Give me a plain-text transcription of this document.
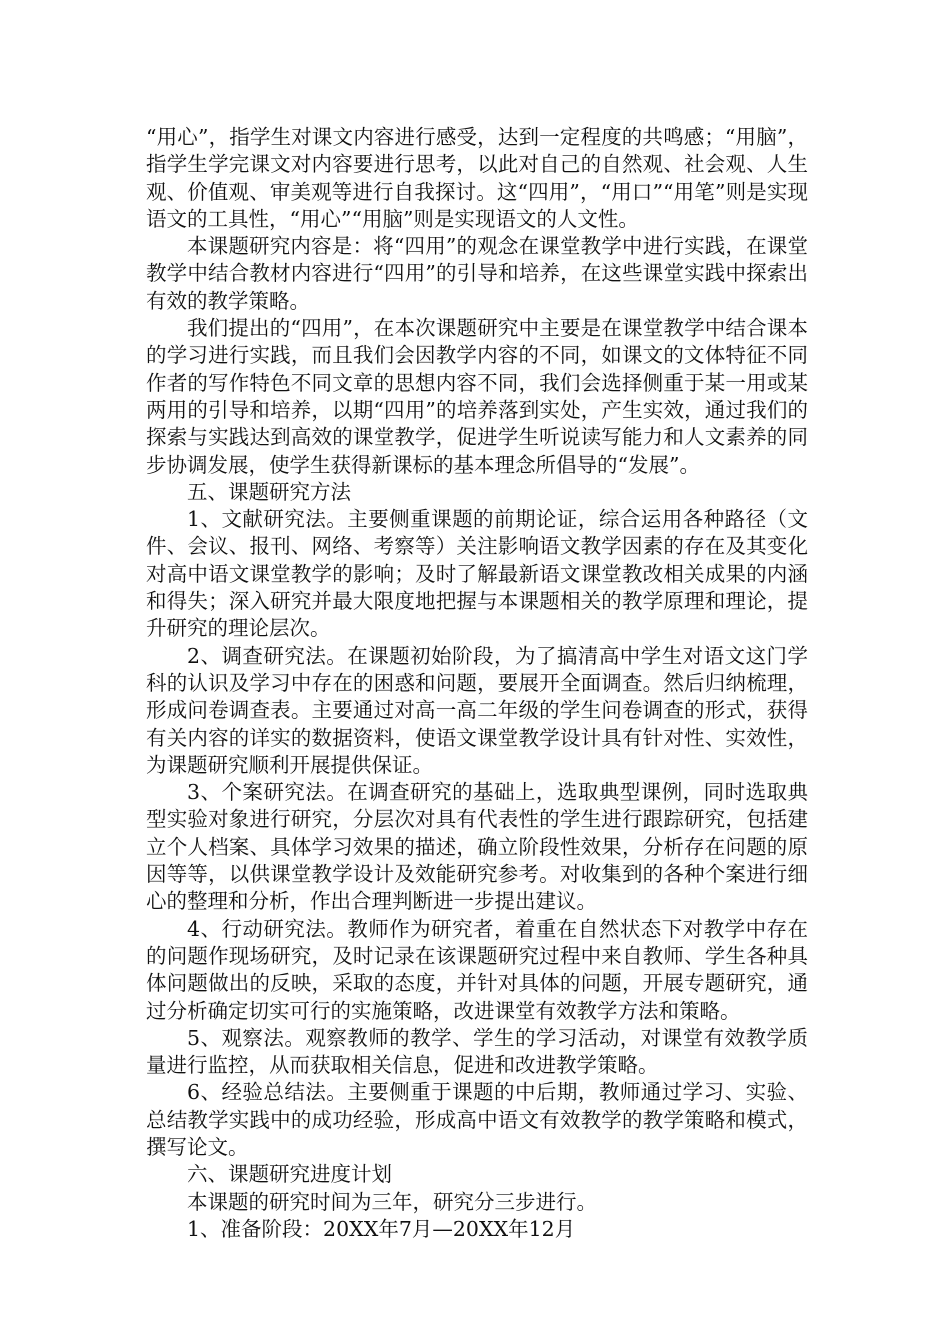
“用心”，指学生对课文内容进行感受，达到一定程度的共鸣感；“用脑”，指学生学完课文对内容要进行思考，以此对自己的自然观、社会观、人生观、价值观、审美观等进行自我探讨。这“四用”，“用口”“用笔”则是实现语文的工具性，“用心”“用脑”则是实现语文的人文性。

本课题研究内容是：将“四用”的观念在课堂教学中进行实践，在课堂教学中结合教材内容进行“四用”的引导和培养，在这些课堂实践中探索出有效的教学策略。

我们提出的“四用”，在本次课题研究中主要是在课堂教学中结合课本的学习进行实践，而且我们会因教学内容的不同，如课文的文体特征不同作者的写作特色不同文章的思想内容不同，我们会选择侧重于某一用或某两用的引导和培养，以期“四用”的培养落到实处，产生实效，通过我们的探索与实践达到高效的课堂教学，促进学生听说读写能力和人文素养的同步协调发展，使学生获得新课标的基本理念所倡导的“发展”。

五、课题研究方法

1、文献研究法。主要侧重课题的前期论证，综合运用各种路径（文件、会议、报刊、网络、考察等）关注影响语文教学因素的存在及其变化对高中语文课堂教学的影响；及时了解最新语文课堂教改相关成果的内涵和得失；深入研究并最大限度地把握与本课题相关的教学原理和理论，提升研究的理论层次。

2、调查研究法。在课题初始阶段，为了搞清高中学生对语文这门学科的认识及学习中存在的困惑和问题，要展开全面调查。然后归纳梳理，形成问卷调查表。主要通过对高一高二年级的学生问卷调查的形式，获得有关内容的详实的数据资料，使语文课堂教学设计具有针对性、实效性，为课题研究顺利开展提供保证。

3、个案研究法。在调查研究的基础上，选取典型课例，同时选取典型实验对象进行研究，分层次对具有代表性的学生进行跟踪研究，包括建立个人档案、具体学习效果的描述，确立阶段性效果，分析存在问题的原因等等，以供课堂教学设计及效能研究参考。对收集到的各种个案进行细心的整理和分析，作出合理判断进一步提出建议。

4、行动研究法。教师作为研究者，着重在自然状态下对教学中存在的问题作现场研究，及时记录在该课题研究过程中来自教师、学生各种具体问题做出的反映，采取的态度，并针对具体的问题，开展专题研究，通过分析确定切实可行的实施策略，改进课堂有效教学方法和策略。

5、观察法。观察教师的教学、学生的学习活动，对课堂有效教学质量进行监控，从而获取相关信息，促进和改进教学策略。

6、经验总结法。主要侧重于课题的中后期，教师通过学习、实验、总结教学实践中的成功经验，形成高中语文有效教学的教学策略和模式，撰写论文。

六、课题研究进度计划

本课题的研究时间为三年，研究分三步进行。

1、准备阶段：20XX年7月—20XX年12月
